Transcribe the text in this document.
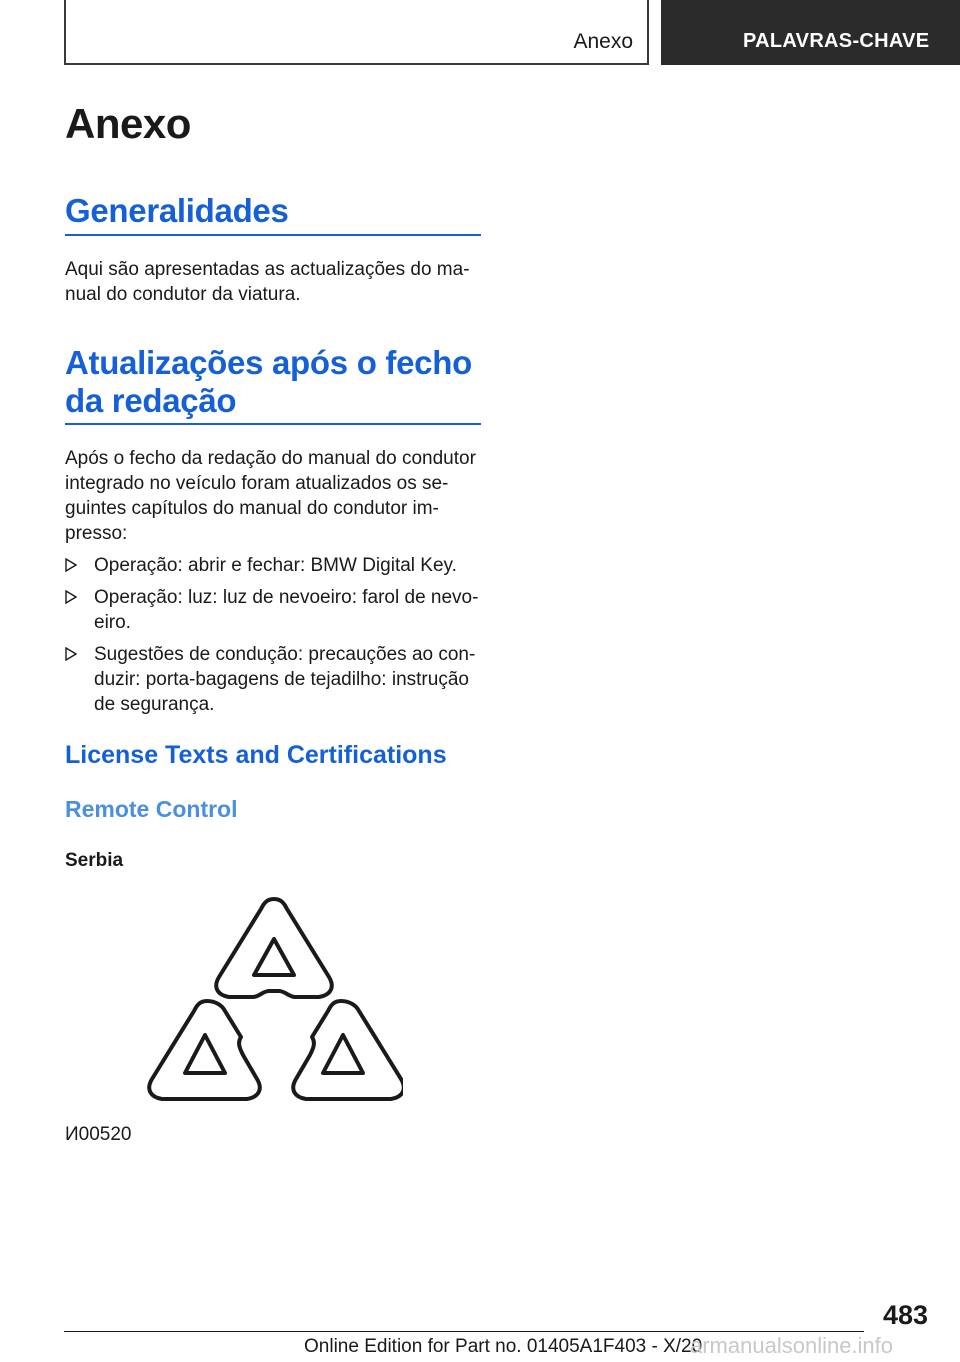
Anexo	PALAVRAS-CHAVE
Anexo
Generalidades
Aqui são apresentadas as actualizações do ma‐
nual do condutor da viatura.
Atualizações após o fecho
da redação
Após o fecho da redação do manual do condutor
integrado no veículo foram atualizados os se‐
guintes capítulos do manual do condutor im‐
presso:
Operação: abrir e fechar: BMW Digital Key.
Operação: luz: luz de nevoeiro: farol de nevo‐
eiro.
Sugestões de condução: precauções ao con‐
duzir: porta-bagagens de tejadilho: instrução
de segurança.
License Texts and Certifications
Remote Control
Serbia
И00520
483
Online Edition for Part no. 01405A1F403 - X/20
armanualsonline.info
